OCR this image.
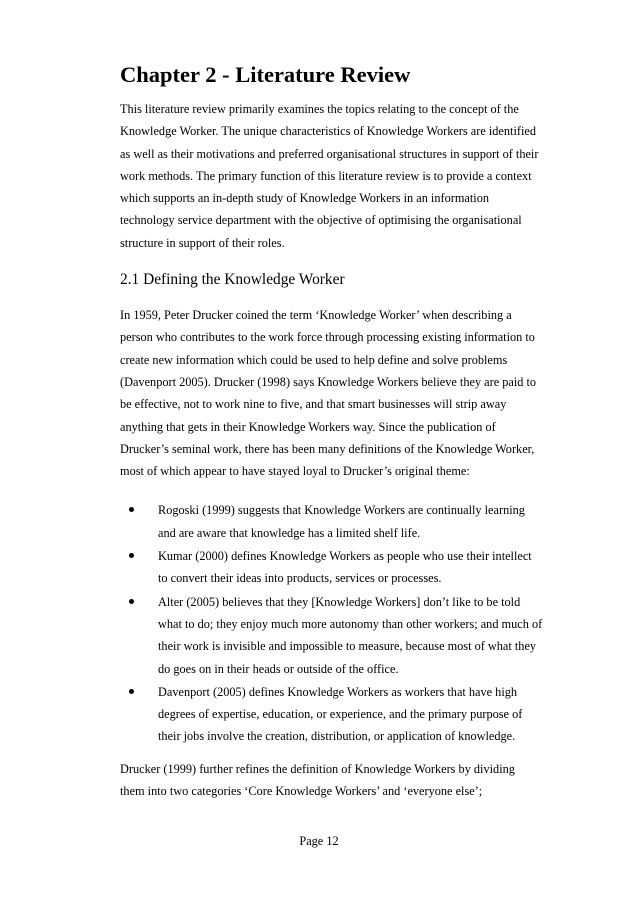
Chapter 2 - Literature Review

This literature review primarily examines the topics relating to the concept of the
Knowledge Worker. The unique characteristics of Knowledge Workers are identified
as well as their motivations and preferred organisational structures in support of their
work methods. The primary function of this literature review is to provide a context
which supports an in-depth study of Knowledge Workers in an information
technology service department with the objective of optimising the organisational
structure in support of their roles.

2.1 Defining the Knowledge Worker

In 1959, Peter Drucker coined the term ‘Knowledge Worker’ when describing a
person who contributes to the work force through processing existing information to
create new information which could be used to help define and solve problems
(Davenport 2005). Drucker (1998) says Knowledge Workers believe they are paid to
be effective, not to work nine to five, and that smart businesses will strip away
anything that gets in their Knowledge Workers way. Since the publication of
Drucker’s seminal work, there has been many definitions of the Knowledge Worker,
most of which appear to have stayed loyal to Drucker’s original theme:

Rogoski (1999) suggests that Knowledge Workers are continually learning
and are aware that knowledge has a limited shelf life.
Kumar (2000) defines Knowledge Workers as people who use their intellect
to convert their ideas into products, services or processes.
Alter (2005) believes that they [Knowledge Workers] don’t like to be told
what to do; they enjoy much more autonomy than other workers; and much of
their work is invisible and impossible to measure, because most of what they
do goes on in their heads or outside of the office.
Davenport (2005) defines Knowledge Workers as workers that have high
degrees of expertise, education, or experience, and the primary purpose of
their jobs involve the creation, distribution, or application of knowledge.

Drucker (1999) further refines the definition of Knowledge Workers by dividing
them into two categories ‘Core Knowledge Workers’ and ‘everyone else’;

Page 12
